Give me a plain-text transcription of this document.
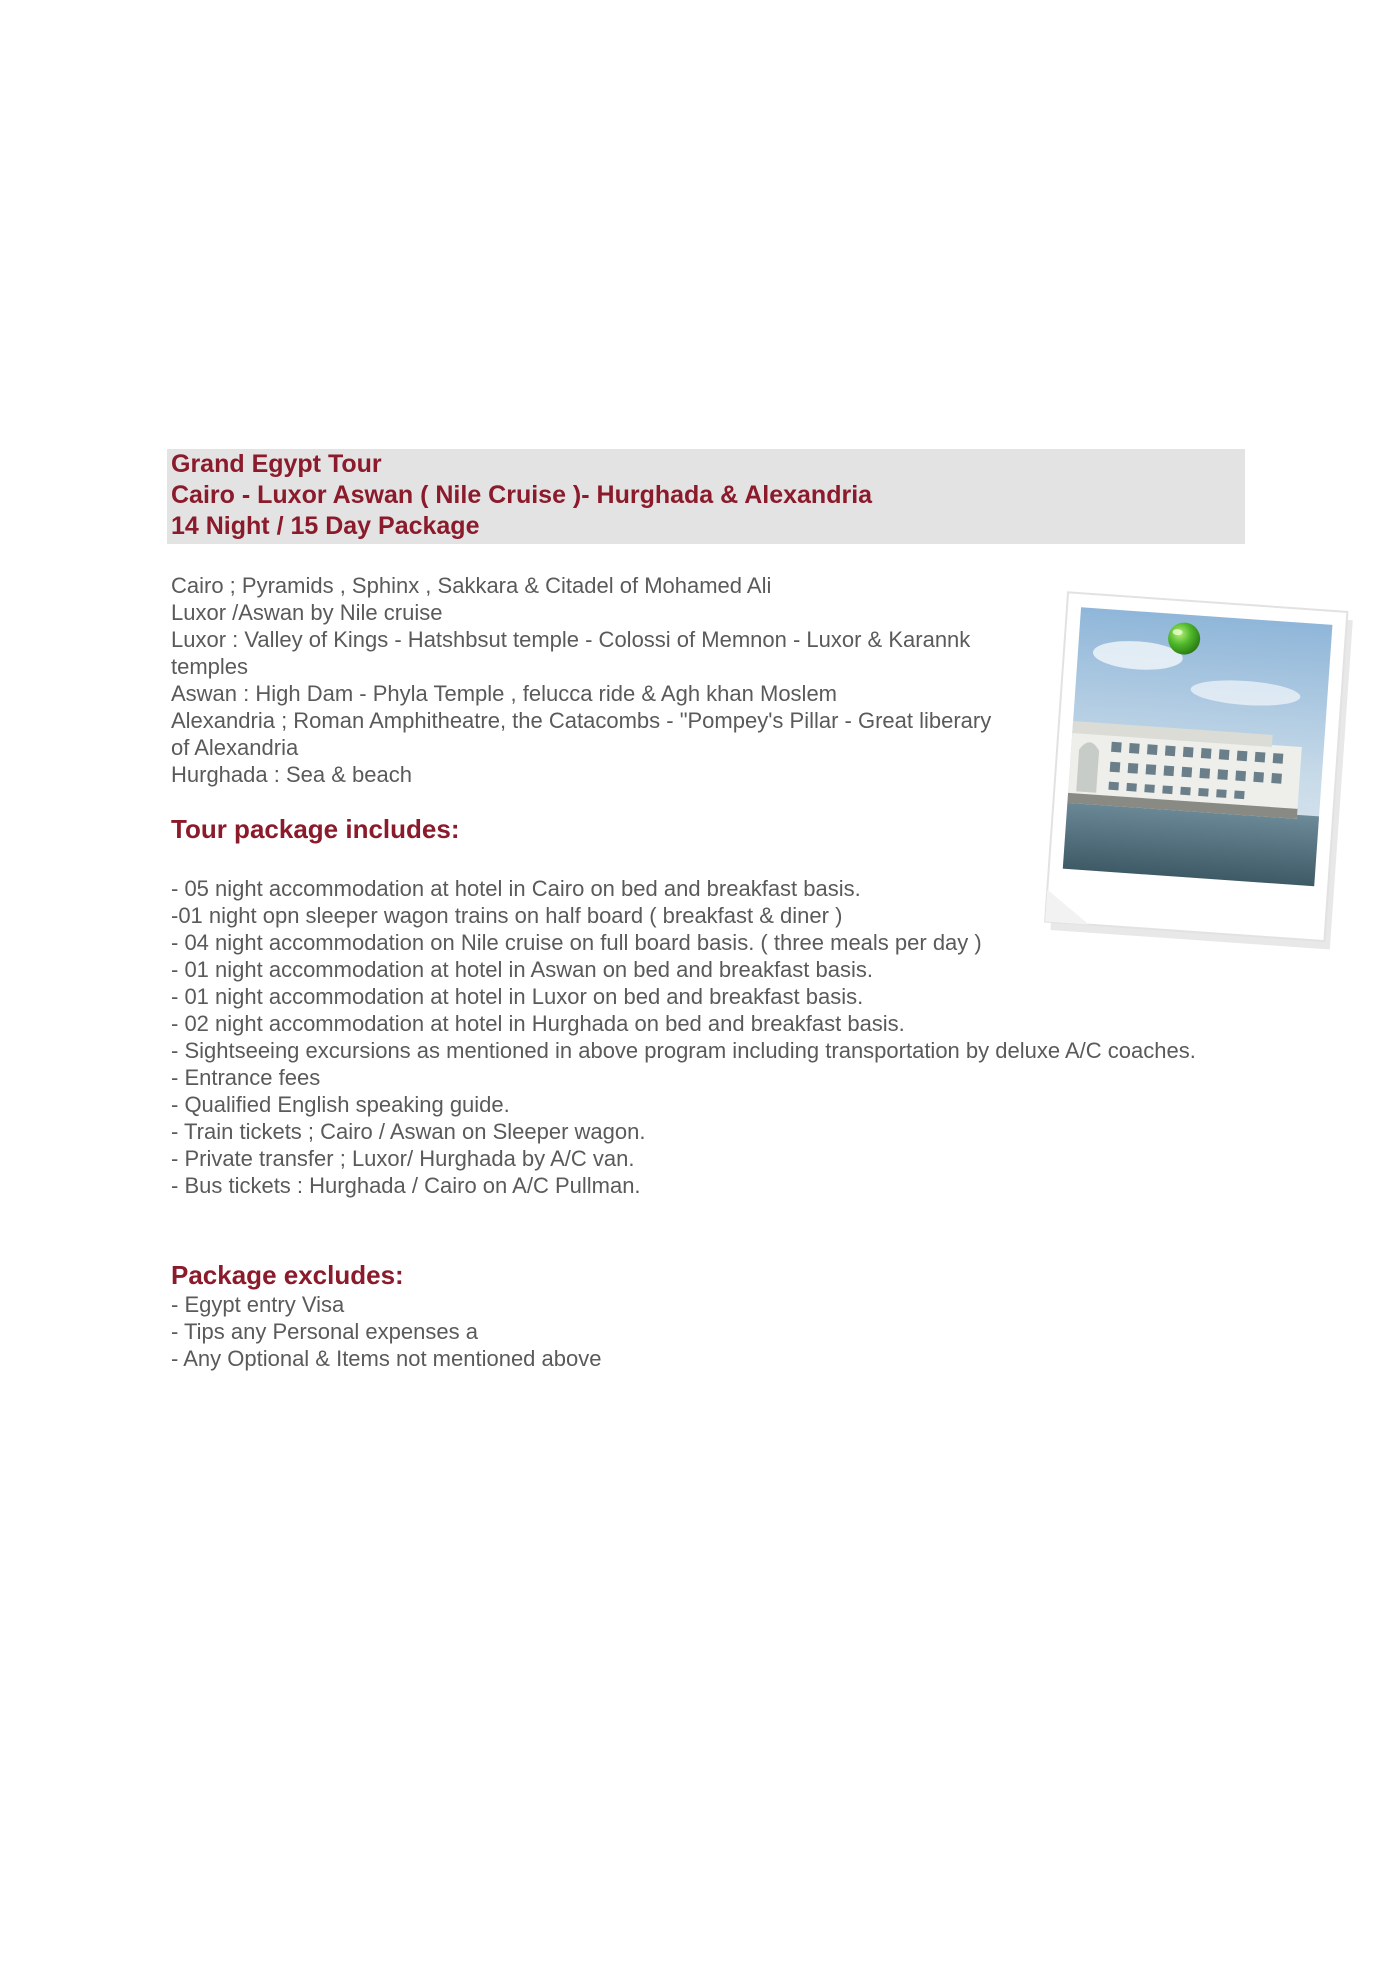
Grand Egypt Tour
Cairo - Luxor Aswan ( Nile Cruise )- Hurghada & Alexandria
14 Night / 15 Day Package

Cairo ; Pyramids , Sphinx , Sakkara & Citadel of Mohamed Ali

Luxor /Aswan by Nile cruise

Luxor : Valley of Kings - Hatshbsut temple - Colossi of Memnon - Luxor & Karannk temples

Aswan : High Dam - Phyla Temple , felucca ride & Agh khan Moslem

Alexandria ; Roman Amphitheatre, the Catacombs - "Pompey's Pillar - Great liberary of Alexandria

Hurghada : Sea & beach

Tour package includes:

- 05 night accommodation at hotel in Cairo on bed and breakfast basis.

-01 night opn sleeper wagon trains on half board ( breakfast & diner )

- 04 night accommodation on Nile cruise on full board basis. ( three meals per day )

- 01 night accommodation at hotel in Aswan on bed and breakfast basis.

- 01 night accommodation at hotel in Luxor on bed and breakfast basis.

- 02 night accommodation at hotel in Hurghada on bed and breakfast basis.

- Sightseeing excursions as mentioned in above program including transportation by deluxe A/C coaches.

- Entrance fees

- Qualified English speaking guide.

- Train tickets ; Cairo / Aswan on Sleeper wagon.

- Private transfer ; Luxor/ Hurghada by A/C van.

- Bus tickets : Hurghada / Cairo on A/C Pullman.

Package excludes:

- Egypt entry Visa

- Tips any Personal expenses a

- Any Optional & Items not mentioned above
